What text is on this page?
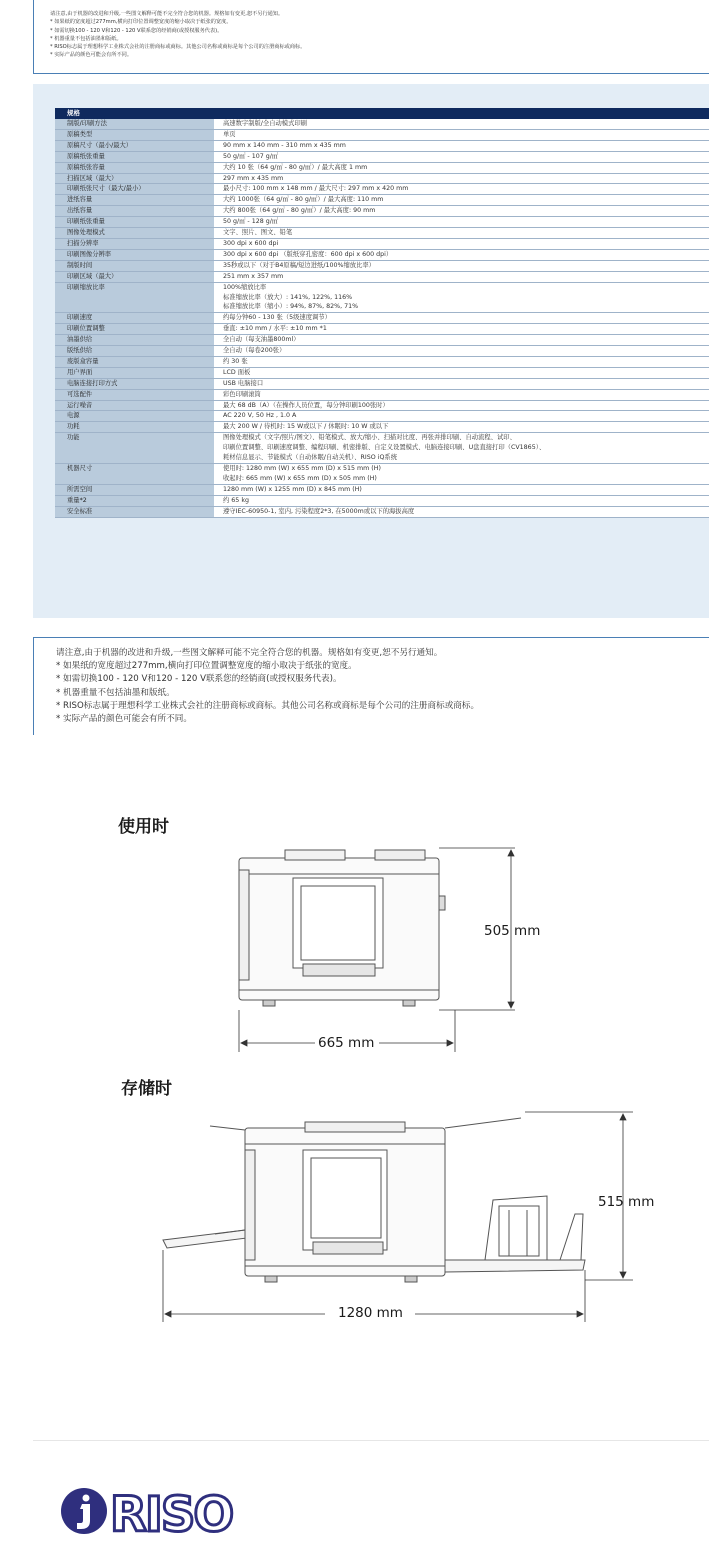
请注意,由于机器的改进和升级,一些图文解释可能不完全符合您的机器。规格如有变更,恕不另行通知。

* 如果纸的宽度超过277mm,横向打印位置调整宽度的缩小取决于纸张的宽度。

* 如需切换100 - 120 V和120 - 120 V联系您的经销商(或授权服务代表)。

* 机器重量不包括油墨和版纸。

* RISO标志属于理想科学工业株式会社的注册商标或商标。其他公司名称或商标是每个公司的注册商标或商标。

* 实际产品的颜色可能会有所不同。

规格
制版/印刷方法	高速数字制版/全自动模式印刷
原稿类型	单页
原稿尺寸（最小/最大）	90 mm x 140 mm - 310 mm x 435 mm
原稿纸张重量	50 g/㎡ - 107 g/㎡
原稿纸张容量	大约 10 张（64 g/㎡ - 80 g/㎡）/ 最大高度 1 mm
扫描区域（最大）	297 mm x 435 mm
印刷纸张尺寸（最大/最小）	最小尺寸: 100 mm x 148 mm / 最大尺寸: 297 mm x 420 mm
进纸容量	大约 1000张（64 g/㎡ - 80 g/㎡）/ 最大高度: 110 mm
出纸容量	大约 800张（64 g/㎡ - 80 g/㎡）/ 最大高度: 90 mm
印刷纸张重量	50 g/㎡ - 128 g/㎡
图像处理模式	文字、照片、图文、铅笔
扫描分辨率	300 dpi x 600 dpi
印刷图像分辨率	300 dpi x 600 dpi （版纸穿孔密度：600 dpi x 600 dpi）
制版时间	35秒或以下（对于B4原稿/短边进纸/100%缩放比率）
印刷区域（最大）	251 mm x 357 mm
印刷缩放比率	100%缩放比率
标准缩放比率（放大）: 141%, 122%, 116%
标准缩放比率（缩小）: 94%, 87%, 82%, 71%
印刷速度	约每分钟60 - 130 张（5级速度调节）
印刷位置调整	垂直: ±10 mm / 水平: ±10 mm *1
油墨供给	全自动（每支油墨800ml）
版纸供给	全自动（每卷200张）
废版盒容量	约 30 张
用户界面	LCD 面板
电脑连接打印方式	USB 电脑接口
可选配件	彩色印刷滚筒
运行噪音	最大 68 dB（A）（在操作人员位置，每分钟印刷100张时）
电源	AC 220 V, 50 Hz , 1.0 A
功耗	最大 200 W / 待机时: 15 W或以下 / 休眠时: 10 W 或以下
功能	图像处理模式（文字/照片/图文）、铅笔模式、放大/缩小、扫描对比度、再张并排印刷、自动流程、试印、
印刷位置调整、印刷速度调整、编程印刷、机密排版、自定义设置模式、电脑连接印刷、U盘直接打印（CV1865）、
耗材信息显示、节能模式（自动休眠/自动关机）、RISO iQ系统
机器尺寸	使用时: 1280 mm (W) x 655 mm (D) x 515 mm (H)
收起时: 665 mm (W) x 655 mm (D) x 505 mm (H)
所需空间	1280 mm (W) x 1255 mm (D) x 845 mm (H)
重量*2	约 65 kg
安全标准	遵守IEC-60950-1, 室内, 污染程度2*3, 在5000m或以下的海拔高度

请注意,由于机器的改进和升级,一些图文解释可能不完全符合您的机器。规格如有变更,恕不另行通知。

* 如果纸的宽度超过277mm,横向打印位置调整宽度的缩小取决于纸张的宽度。

* 如需切换100 - 120 V和120 - 120 V联系您的经销商(或授权服务代表)。

* 机器重量不包括油墨和版纸。

* RISO标志属于理想科学工业株式会社的注册商标或商标。其他公司名称或商标是每个公司的注册商标或商标。

* 实际产品的颜色可能会有所不同。

使用时
505 mm
665 mm
存储时
515 mm
1280 mm
RISO
